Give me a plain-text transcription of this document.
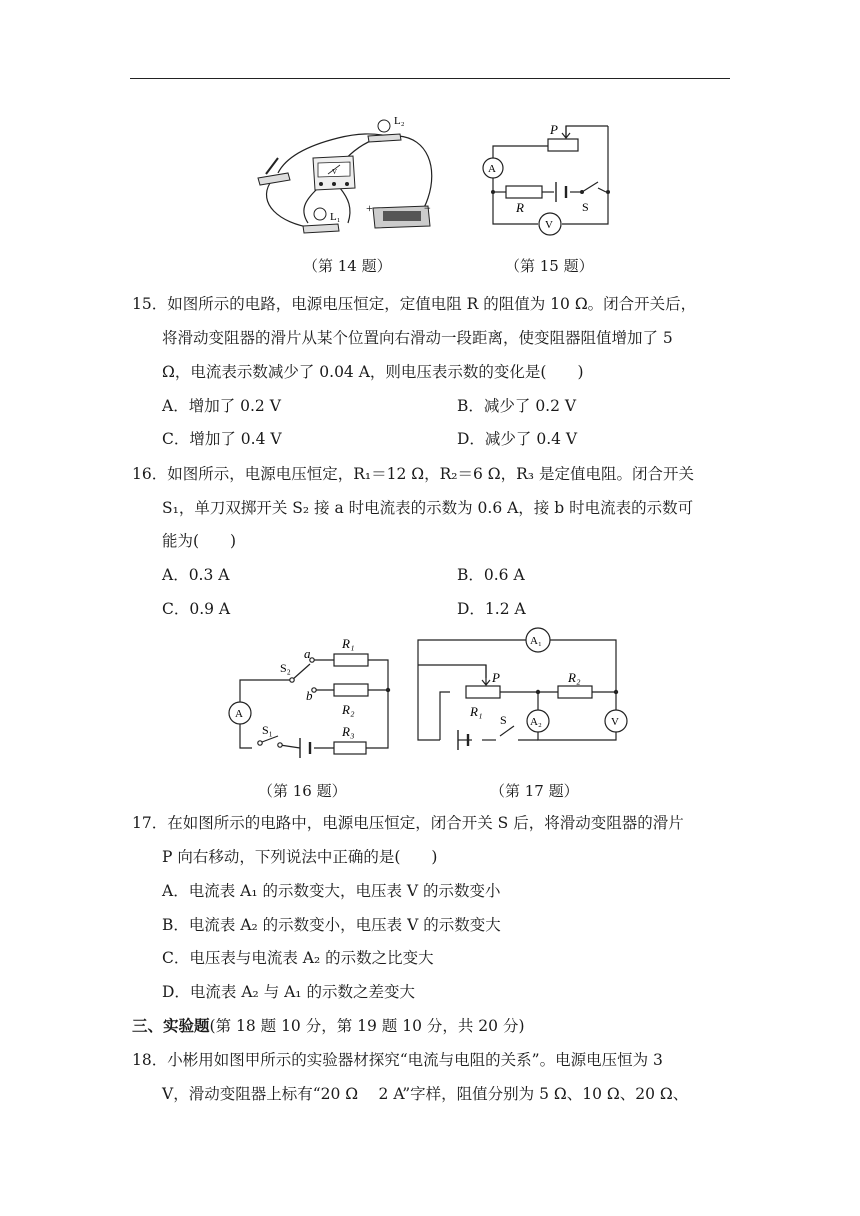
V
L₂
L₁
+	−
（第 14 题）
P
A
R	S
V
（第 15 题）
15．如图所示的电路，电源电压恒定，定值电阻 R 的阻值为 10 Ω。闭合开关后，
将滑动变阻器的滑片从某个位置向右滑动一段距离，使变阻器阻值增加了 5
Ω，电流表示数减少了 0.04 A，则电压表示数的变化是(　　)
A．增加了 0.2 V	B．减少了 0.2 V
C．增加了 0.4 V	D．减少了 0.4 V
16．如图所示，电源电压恒定，R₁＝12 Ω，R₂＝6 Ω，R₃ 是定值电阻。闭合开关
S₁，单刀双掷开关 S₂ 接 a 时电流表的示数为 0.6 A，接 b 时电流表的示数可
能为(　　)
A．0.3 A	B．0.6 A
C．0.9 A	D．1.2 A
A
R₁
R₂
R₃
a
b
S₂
S₁
（第 16 题）
A₁
P
R₁
R₂
A₂	V
S
（第 17 题）
17．在如图所示的电路中，电源电压恒定，闭合开关 S 后，将滑动变阻器的滑片
P 向右移动，下列说法中正确的是(　　)
A．电流表 A₁ 的示数变大，电压表 V 的示数变小
B．电流表 A₂ 的示数变小，电压表 V 的示数变大
C．电压表与电流表 A₂ 的示数之比变大
D．电流表 A₂ 与 A₁ 的示数之差变大
三、实验题(第 18 题 10 分，第 19 题 10 分，共 20 分)
18．小彬用如图甲所示的实验器材探究“电流与电阻的关系”。电源电压恒为 3
V，滑动变阻器上标有“20 Ω　 2 A”字样，阻值分别为 5 Ω、10 Ω、20 Ω、
